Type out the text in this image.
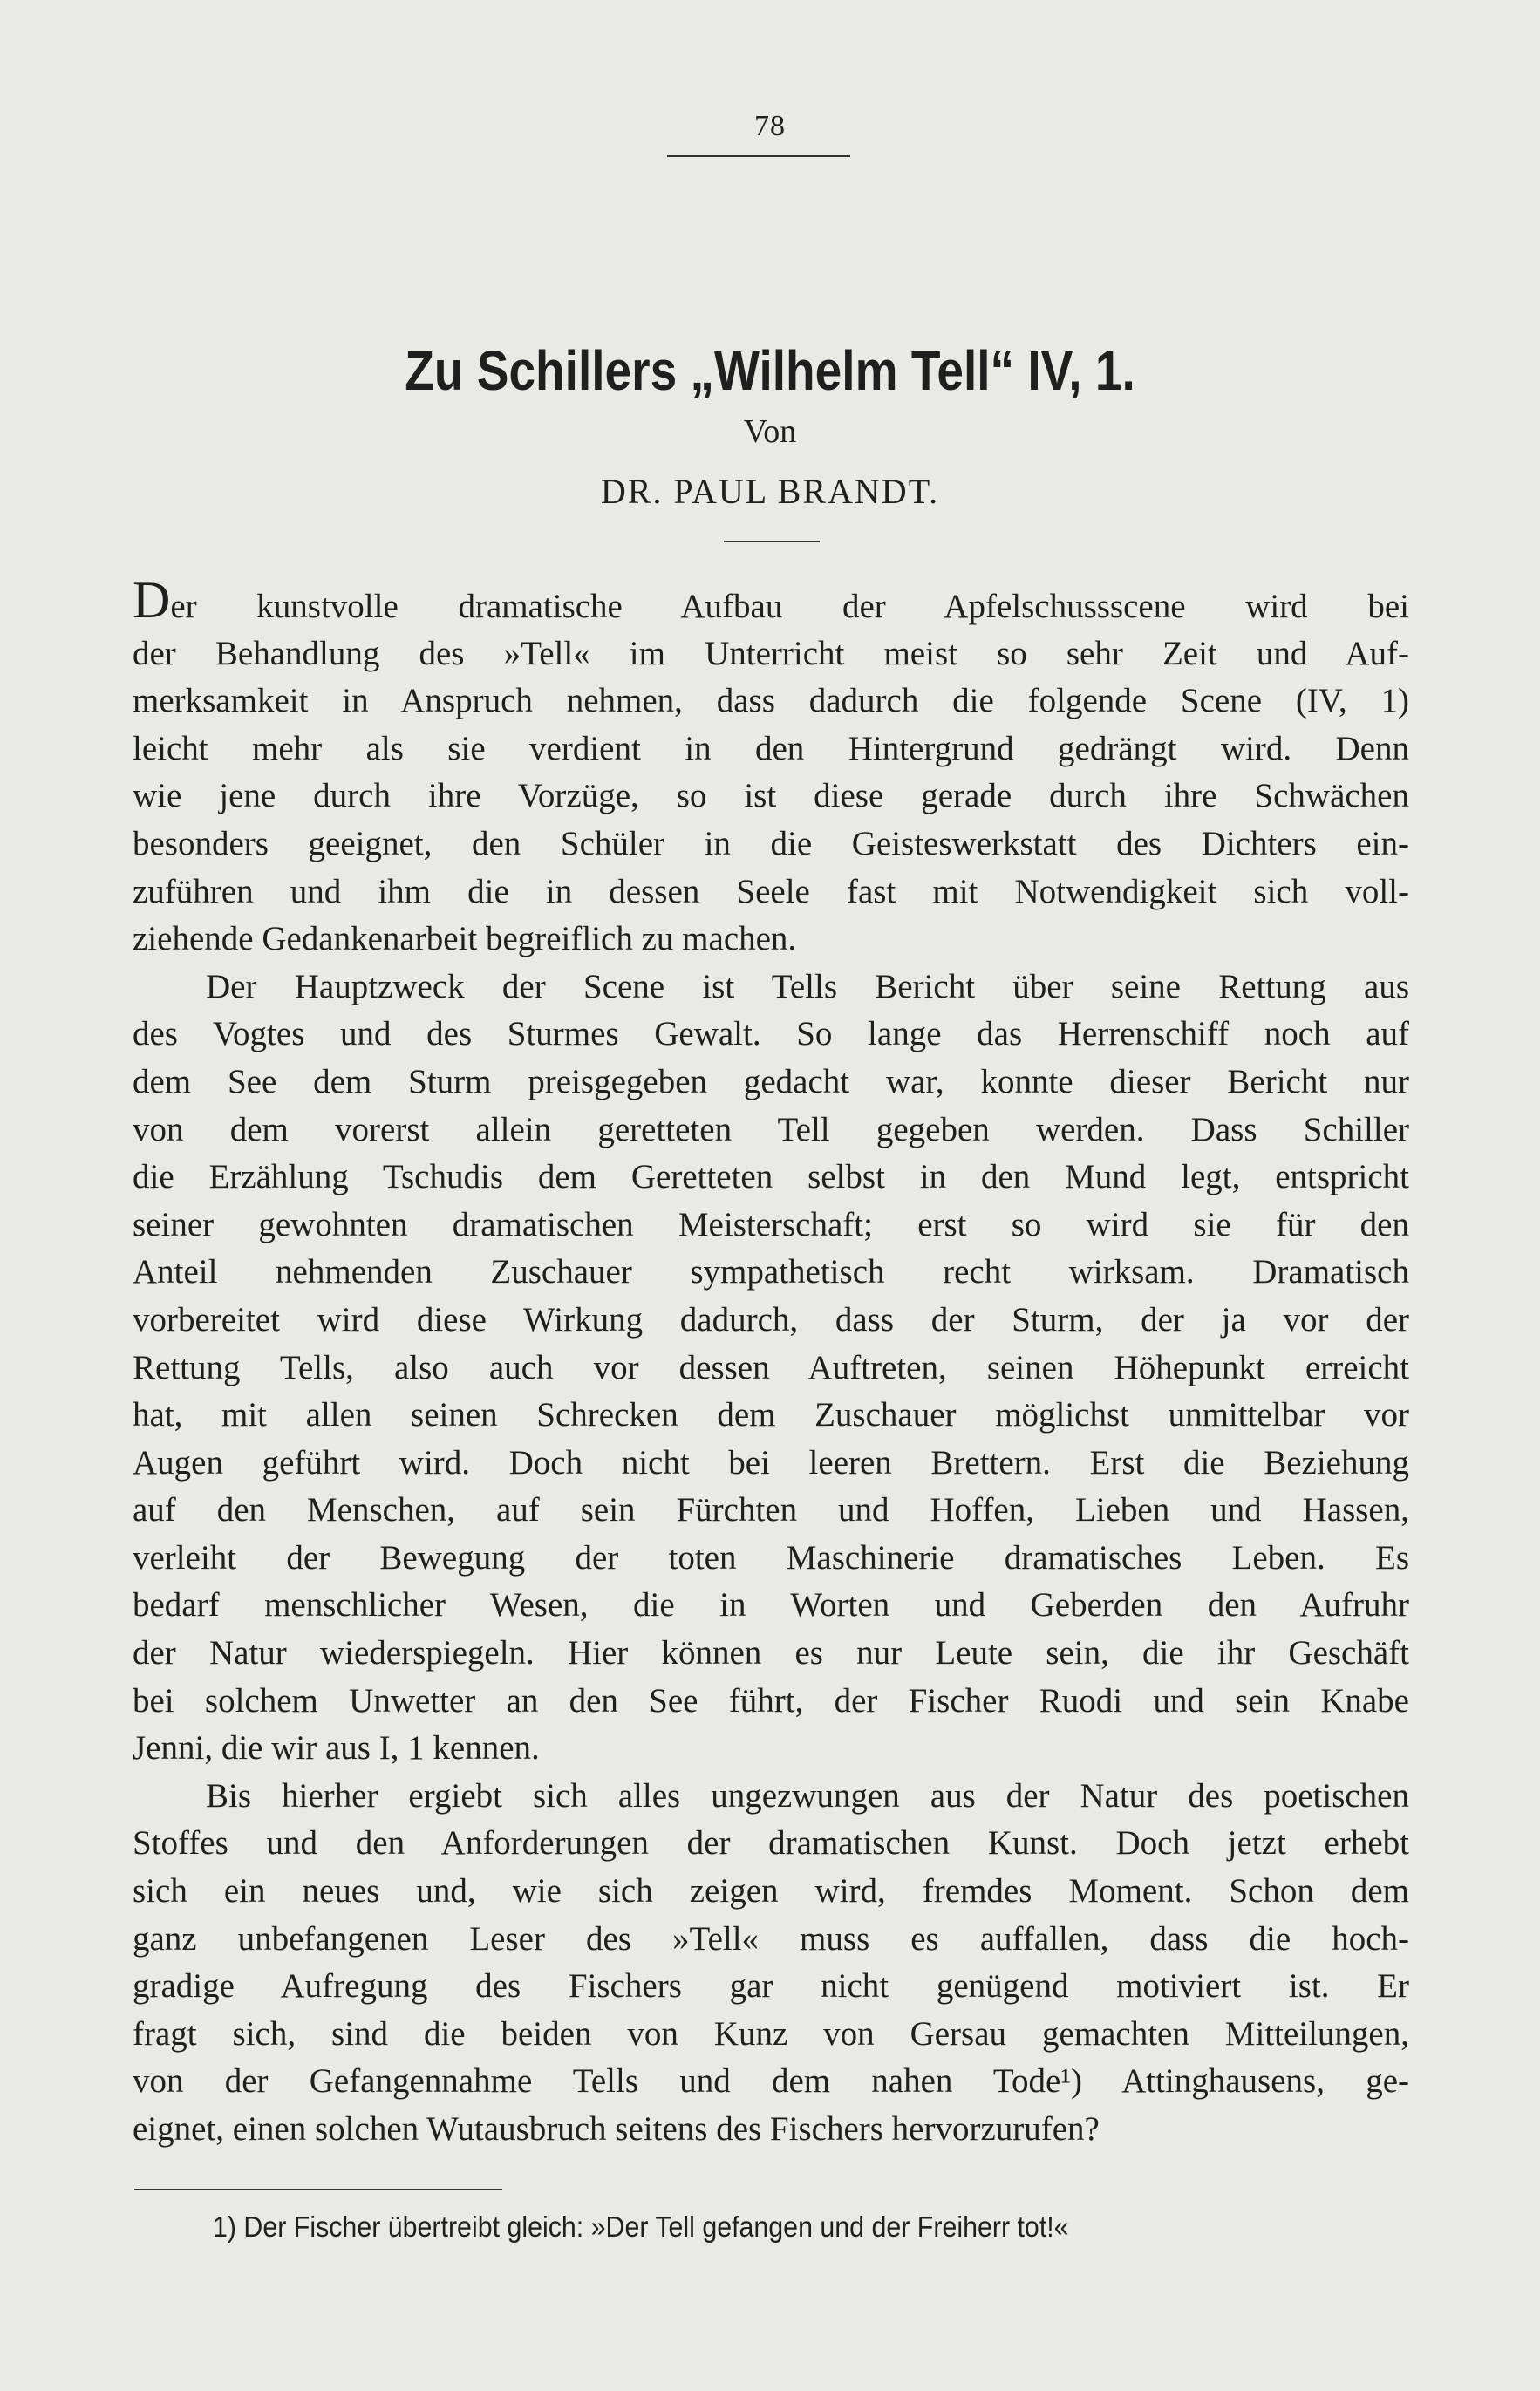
78
Zu Schillers „Wilhelm Tell“ IV, 1.
Von
DR. PAUL BRANDT.
Der kunstvolle dramatische Aufbau der Apfelschussscene wird bei
der Behandlung des »Tell« im Unterricht meist so sehr Zeit und Auf-
merksamkeit in Anspruch nehmen, dass dadurch die folgende Scene (IV, 1)
leicht mehr als sie verdient in den Hintergrund gedrängt wird. Denn
wie jene durch ihre Vorzüge, so ist diese gerade durch ihre Schwächen
besonders geeignet, den Schüler in die Geisteswerkstatt des Dichters ein-
zuführen und ihm die in dessen Seele fast mit Notwendigkeit sich voll-
ziehende Gedankenarbeit begreiflich zu machen.
Der Hauptzweck der Scene ist Tells Bericht über seine Rettung aus
des Vogtes und des Sturmes Gewalt. So lange das Herrenschiff noch auf
dem See dem Sturm preisgegeben gedacht war, konnte dieser Bericht nur
von dem vorerst allein geretteten Tell gegeben werden. Dass Schiller
die Erzählung Tschudis dem Geretteten selbst in den Mund legt, entspricht
seiner gewohnten dramatischen Meisterschaft; erst so wird sie für den
Anteil nehmenden Zuschauer sympathetisch recht wirksam. Dramatisch
vorbereitet wird diese Wirkung dadurch, dass der Sturm, der ja vor der
Rettung Tells, also auch vor dessen Auftreten, seinen Höhepunkt erreicht
hat, mit allen seinen Schrecken dem Zuschauer möglichst unmittelbar vor
Augen geführt wird. Doch nicht bei leeren Brettern. Erst die Beziehung
auf den Menschen, auf sein Fürchten und Hoffen, Lieben und Hassen,
verleiht der Bewegung der toten Maschinerie dramatisches Leben. Es
bedarf menschlicher Wesen, die in Worten und Geberden den Aufruhr
der Natur wiederspiegeln. Hier können es nur Leute sein, die ihr Geschäft
bei solchem Unwetter an den See führt, der Fischer Ruodi und sein Knabe
Jenni, die wir aus I, 1 kennen.
Bis hierher ergiebt sich alles ungezwungen aus der Natur des poetischen
Stoffes und den Anforderungen der dramatischen Kunst. Doch jetzt erhebt
sich ein neues und, wie sich zeigen wird, fremdes Moment. Schon dem
ganz unbefangenen Leser des »Tell« muss es auffallen, dass die hoch-
gradige Aufregung des Fischers gar nicht genügend motiviert ist. Er
fragt sich, sind die beiden von Kunz von Gersau gemachten Mitteilungen,
von der Gefangennahme Tells und dem nahen Tode¹) Attinghausens, ge-
eignet, einen solchen Wutausbruch seitens des Fischers hervorzurufen?
1) Der Fischer übertreibt gleich: »Der Tell gefangen und der Freiherr tot!«
